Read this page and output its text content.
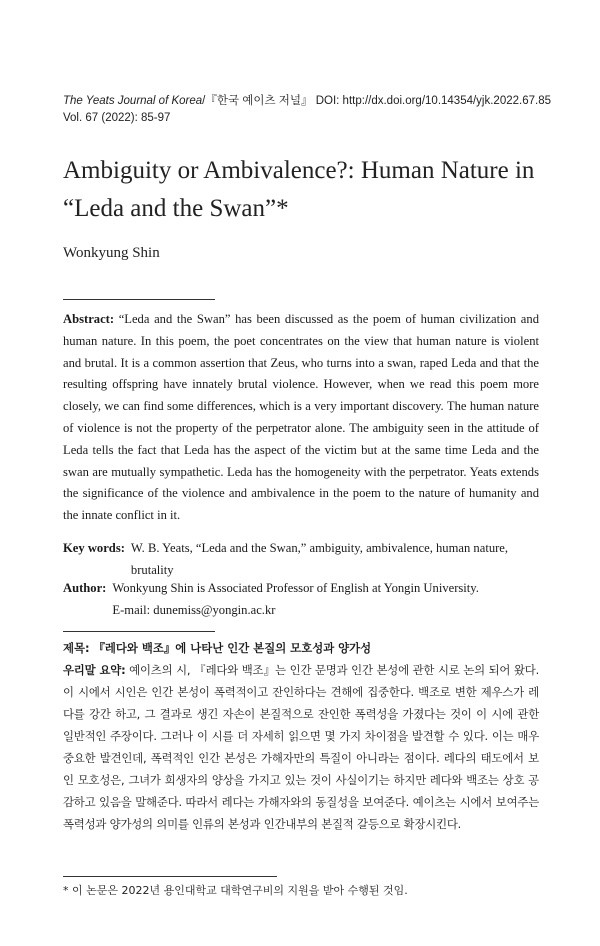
The Yeats Journal of Korea/『한국 예이츠 저널』 DOI: http://dx.doi.org/10.14354/yjk.2022.67.85
Vol. 67 (2022): 85-97
Ambiguity or Ambivalence?: Human Nature in “Leda and the Swan”*
Wonkyung Shin

Abstract: “Leda and the Swan” has been discussed as the poem of human civilization and human nature. In this poem, the poet concentrates on the view that human nature is violent and brutal. It is a common assertion that Zeus, who turns into a swan, raped Leda and that the resulting offspring have innately brutal violence. However, when we read this poem more closely, we can find some differences, which is a very important discovery. The human nature of violence is not the property of the perpetrator alone. The ambiguity seen in the attitude of Leda tells the fact that Leda has the aspect of the victim but at the same time Leda and the swan are mutually sympathetic. Leda has the homogeneity with the perpetrator. Yeats extends the significance of the violence and ambivalence in the poem to the nature of humanity and the innate conflict in it.

Key words: W. B. Yeats, “Leda and the Swan,” ambiguity, ambivalence, human nature, brutality
Author: Wonkyung Shin is Associated Professor of English at Yongin University.
E-mail: dunemiss@yongin.ac.kr
제목: 『레다와 백조』에 나타난 인간 본질의 모호성과 양가성

우리말 요약: 예이츠의 시, 『레다와 백조』는 인간 문명과 인간 본성에 관한 시로 논의 되어 왔다. 이 시에서 시인은 인간 본성이 폭력적이고 잔인하다는 견해에 집중한다. 백조로 변한 제우스가 레다를 강간 하고, 그 결과로 생긴 자손이 본질적으로 잔인한 폭력성을 가졌다는 것이 이 시에 관한 일반적인 주장이다. 그러나 이 시를 더 자세히 읽으면 몇 가지 차이점을 발견할 수 있다. 이는 매우 중요한 발견인데, 폭력적인 인간 본성은 가해자만의 특질이 아니라는 점이다. 레다의 태도에서 보인 모호성은, 그녀가 희생자의 양상을 가지고 있는 것이 사실이기는 하지만 레다와 백조는 상호 공감하고 있음을 말해준다. 따라서 레다는 가해자와의 동질성을 보여준다. 예이츠는 시에서 보여주는 폭력성과 양가성의 의미를 인류의 본성과 인간내부의 본질적 갈등으로 확장시킨다.

* 이 논문은 2022년 용인대학교 대학연구비의 지원을 받아 수행된 것임.
